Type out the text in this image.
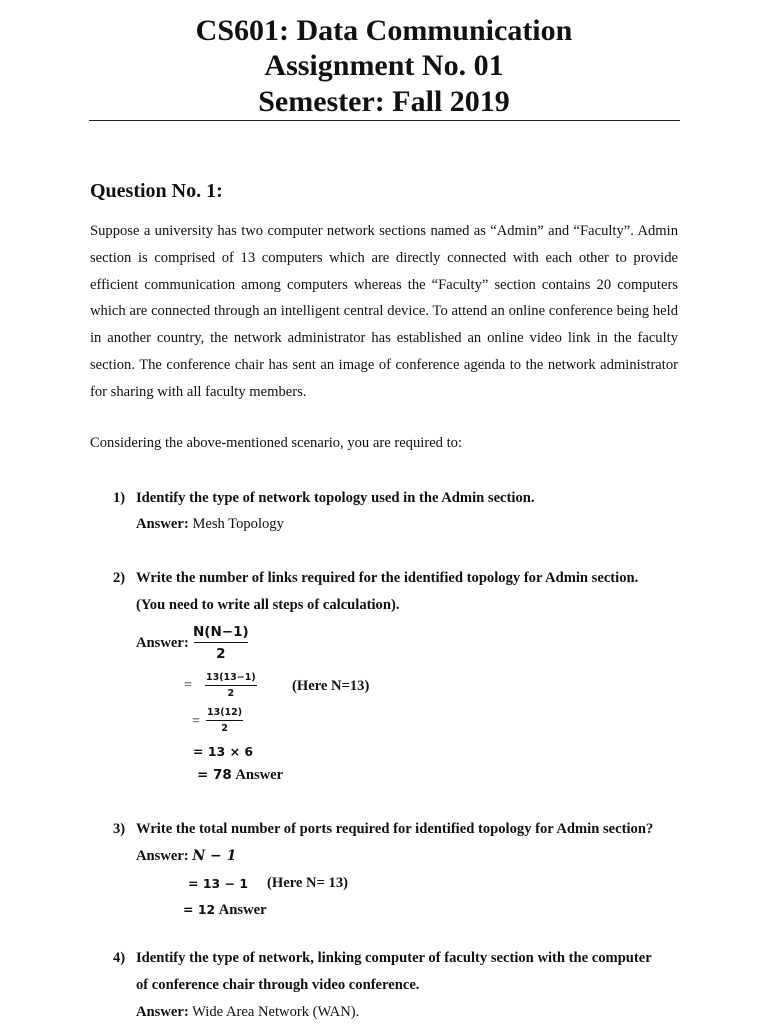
CS601: Data Communication
Assignment No. 01
Semester: Fall 2019
Question No. 1:
Suppose a university has two computer network sections named as “Admin” and “Faculty”. Admin section is comprised of 13 computers which are directly connected with each other to provide efficient communication among computers whereas the “Faculty” section contains 20 computers which are connected through an intelligent central device. To attend an online conference being held in another country, the network administrator has established an online video link in the faculty section. The conference chair has sent an image of conference agenda to the network administrator for sharing with all faculty members.
Considering the above-mentioned scenario, you are required to:
1) Identify the type of network topology used in the Admin section.
Answer: Mesh Topology
2) Write the number of links required for the identified topology for Admin section.
(You need to write all steps of calculation).
Answer:
N(N−1)
2
=
13(13−1)
2	(Here N=13)
=
13(12)
2
= 13 × 6
= 78 Answer
3) Write the total number of ports required for identified topology for Admin section?
Answer: N − 1
= 13 − 1 (Here N= 13)
= 12 Answer
4) Identify the type of network, linking computer of faculty section with the computer
of conference chair through video conference.
Answer: Wide Area Network (WAN).
